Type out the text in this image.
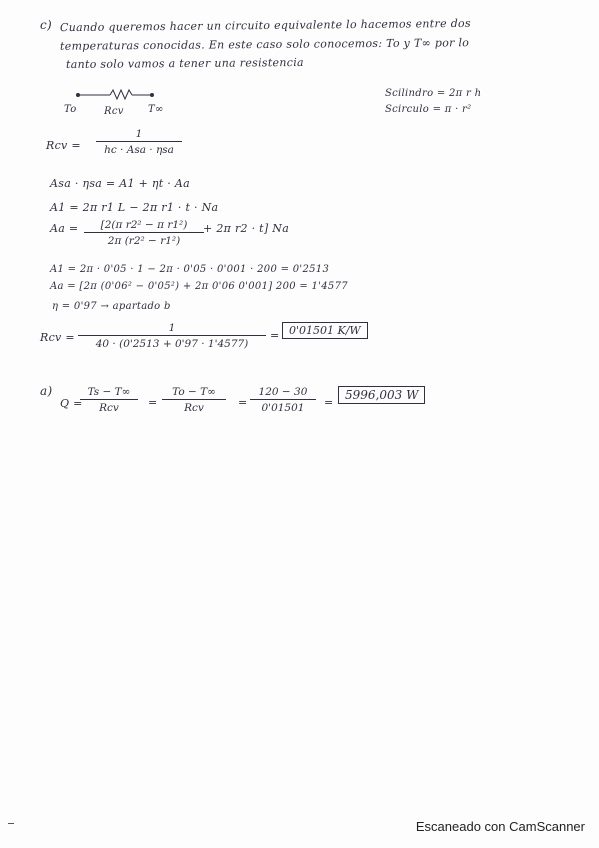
c) Cuando queremos hacer un circuito equivalente lo hacemos entre dos
temperaturas conocidas. En este caso solo conocemos: To y T∞ por lo
tanto solo vamos a tener una resistencia
To	Rcv T∞
Scilindro = 2π r h
Scirculo = π · r²
Rcv =
1
hc · Asa · ηsa
Asa · ηsa = A1 + ηt · Aa
A1 = 2π r1 L − 2π r1 · t · Na
$Aa = \frac{\text{[2(π r2² − π r1²)}}{\text{2π (r2² − r1²)}} + 2\pi$ r2 · t] Na
A1 = 2π · 0'05 · 1 − 2π · 0'05 · 0'001 · 200 = 0'2513
Aa = [2π (0'06² − 0'05²) + 2π 0'06 0'001] 200 = 1'4577
η = 0'97 → apartado b
Rcv = $\frac{1}{40 \cdot (0'2513 + 0'97 \cdot 1'4577)} = 0'01501$ K/W
a)
Q =
Ts − T∞
Rcv	=
To − T∞
Rcv	= $\frac{120 - 30}{0'01501}$ =
5996,003 W
Escaneado con CamScanner
